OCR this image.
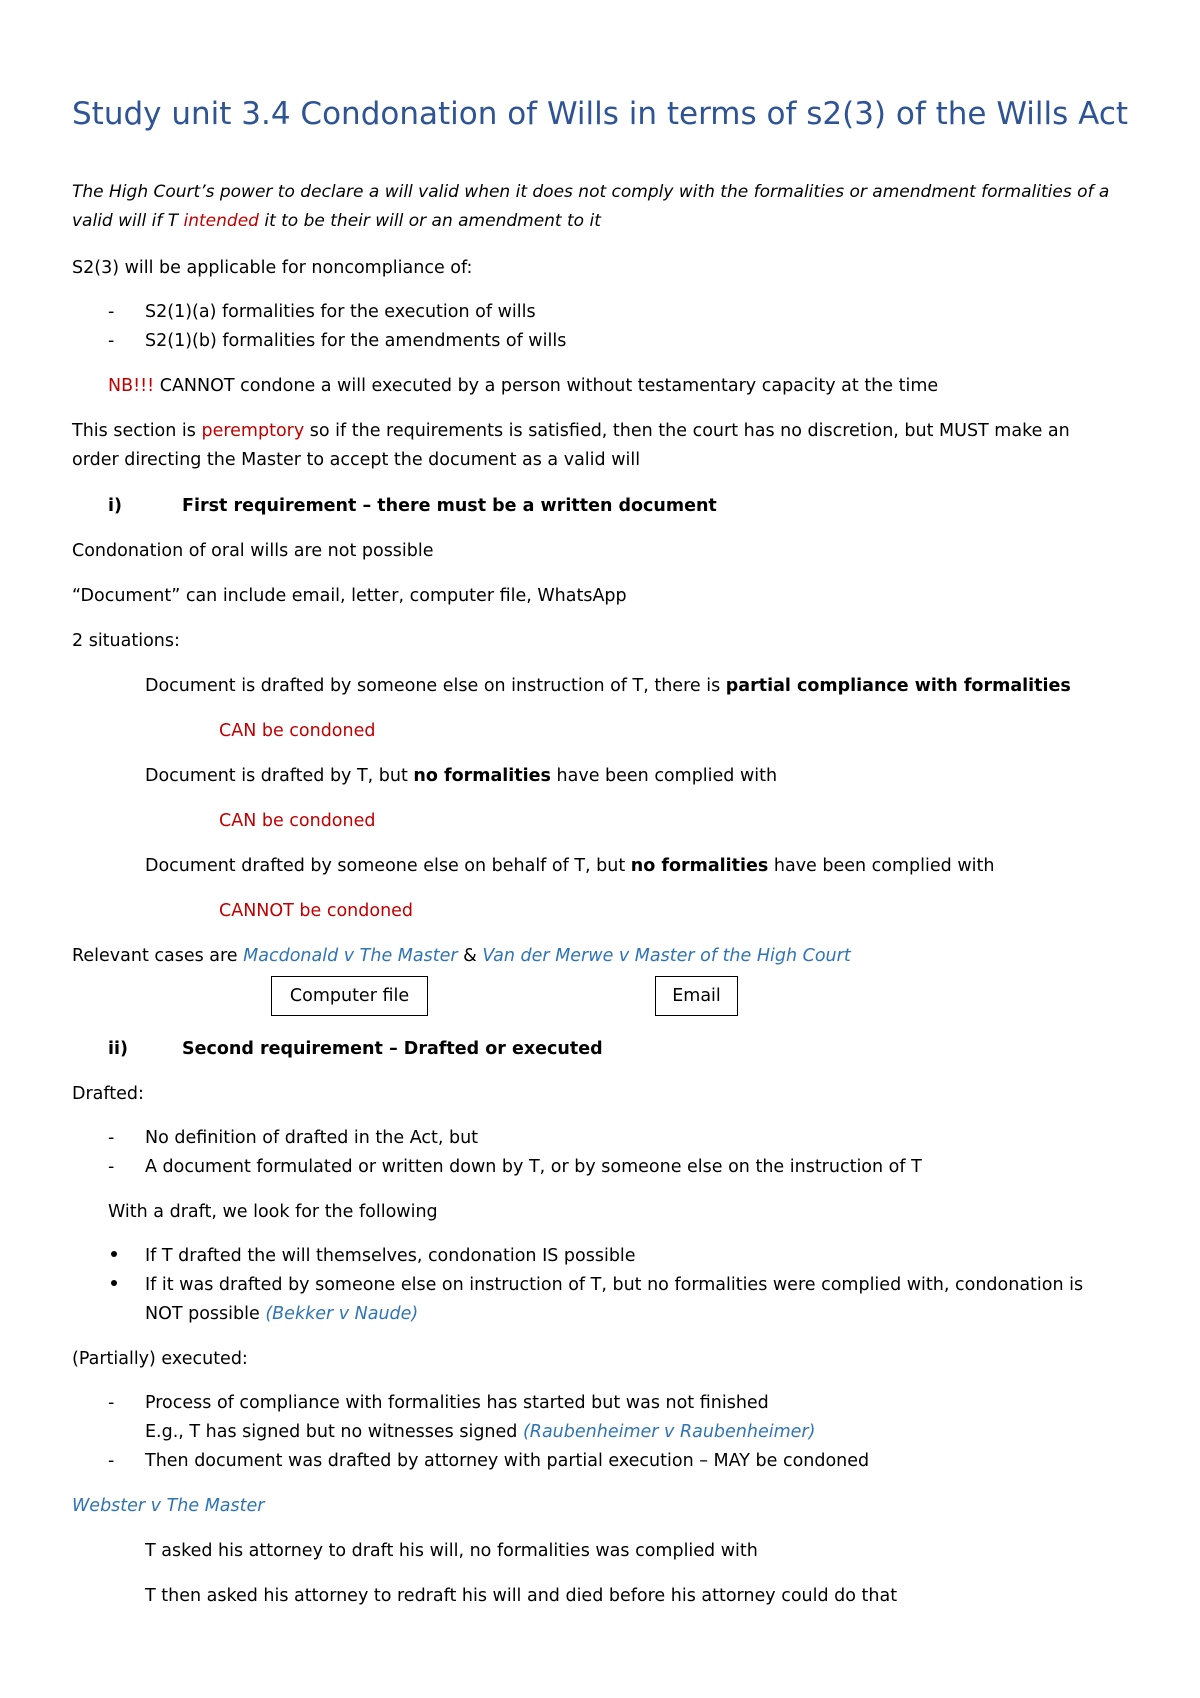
Study unit 3.4 Condonation of Wills in terms of s2(3) of the Wills Act
The High Court’s power to declare a will valid when it does not comply with the formalities or amendment formalities of a valid will if T intended it to be their will or an amendment to it
S2(3) will be applicable for noncompliance of:
- S2(1)(a) formalities for the execution of wills
- S2(1)(b) formalities for the amendments of wills
NB!!! CANNOT condone a will executed by a person without testamentary capacity at the time
This section is peremptory so if the requirements is satisfied, then the court has no discretion, but MUST make an
order directing the Master to accept the document as a valid will
i)	First requirement – there must be a written document
Condonation of oral wills are not possible
“Document” can include email, letter, computer file, WhatsApp
2 situations:
Document is drafted by someone else on instruction of T, there is partial compliance with formalities
CAN be condoned
Document is drafted by T, but no formalities have been complied with
CAN be condoned
Document drafted by someone else on behalf of T, but no formalities have been complied with
CANNOT be condoned
Relevant cases are Macdonald v The Master & Van der Merwe v Master of the High Court
Computer file	Email
ii)	Second requirement – Drafted or executed
Drafted:
- No definition of drafted in the Act, but
- A document formulated or written down by T, or by someone else on the instruction of T
With a draft, we look for the following
If T drafted the will themselves, condonation IS possible
If it was drafted by someone else on instruction of T, but no formalities were complied with, condonation is
NOT possible (Bekker v Naude)
(Partially) executed:
- Process of compliance with formalities has started but was not finished
E.g., T has signed but no witnesses signed (Raubenheimer v Raubenheimer)
- Then document was drafted by attorney with partial execution – MAY be condoned
Webster v The Master
T asked his attorney to draft his will, no formalities was complied with
T then asked his attorney to redraft his will and died before his attorney could do that
